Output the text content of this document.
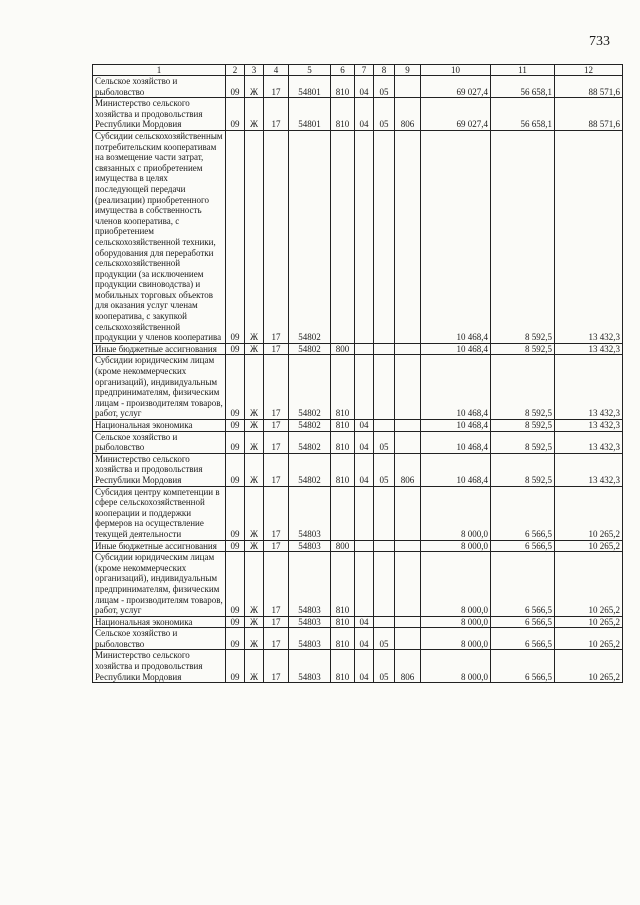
733
1	2	3	4	5	6	7	8	9	10	11	12
Сельское хозяйство и рыболовство	09	Ж	17	54801	810	04	05		69 027,4	56 658,1	88 571,6
Министерство сельского хозяйства и продовольствия Республики Мордовия	09	Ж	17	54801	810	04	05	806	69 027,4	56 658,1	88 571,6
Субсидии сельскохозяйственным потребительским кооперативам на возмещение части затрат, связанных с приобретением имущества в целях последующей передачи (реализации) приобретенного имущества в собственность членов кооператива, с приобретением сельскохозяйственной техники, оборудования для переработки сельскохозяйственной продукции (за исключением продукции свиноводства) и мобильных торговых объектов для оказания услуг членам кооператива, с закупкой сельскохозяйственной продукции у членов кооператива	09	Ж	17	54802					10 468,4	8 592,5	13 432,3
Иные бюджетные ассигнования	09	Ж	17	54802	800				10 468,4	8 592,5	13 432,3
Субсидии юридическим лицам (кроме некоммерческих организаций), индивидуальным предпринимателям, физическим лицам - производителям товаров, работ, услуг	09	Ж	17	54802	810				10 468,4	8 592,5	13 432,3
Национальная экономика	09	Ж	17	54802	810	04			10 468,4	8 592,5	13 432,3
Сельское хозяйство и рыболовство	09	Ж	17	54802	810	04	05		10 468,4	8 592,5	13 432,3
Министерство сельского хозяйства и продовольствия Республики Мордовия	09	Ж	17	54802	810	04	05	806	10 468,4	8 592,5	13 432,3
Субсидия центру компетенции в сфере сельскохозяйственной кооперации и поддержки фермеров на осуществление текущей деятельности	09	Ж	17	54803					8 000,0	6 566,5	10 265,2
Иные бюджетные ассигнования	09	Ж	17	54803	800				8 000,0	6 566,5	10 265,2
Субсидии юридическим лицам (кроме некоммерческих организаций), индивидуальным предпринимателям, физическим лицам - производителям товаров, работ, услуг	09	Ж	17	54803	810				8 000,0	6 566,5	10 265,2
Национальная экономика	09	Ж	17	54803	810	04			8 000,0	6 566,5	10 265,2
Сельское хозяйство и рыболовство	09	Ж	17	54803	810	04	05		8 000,0	6 566,5	10 265,2
Министерство сельского хозяйства и продовольствия Республики Мордовия	09	Ж	17	54803	810	04	05	806	8 000,0	6 566,5	10 265,2
